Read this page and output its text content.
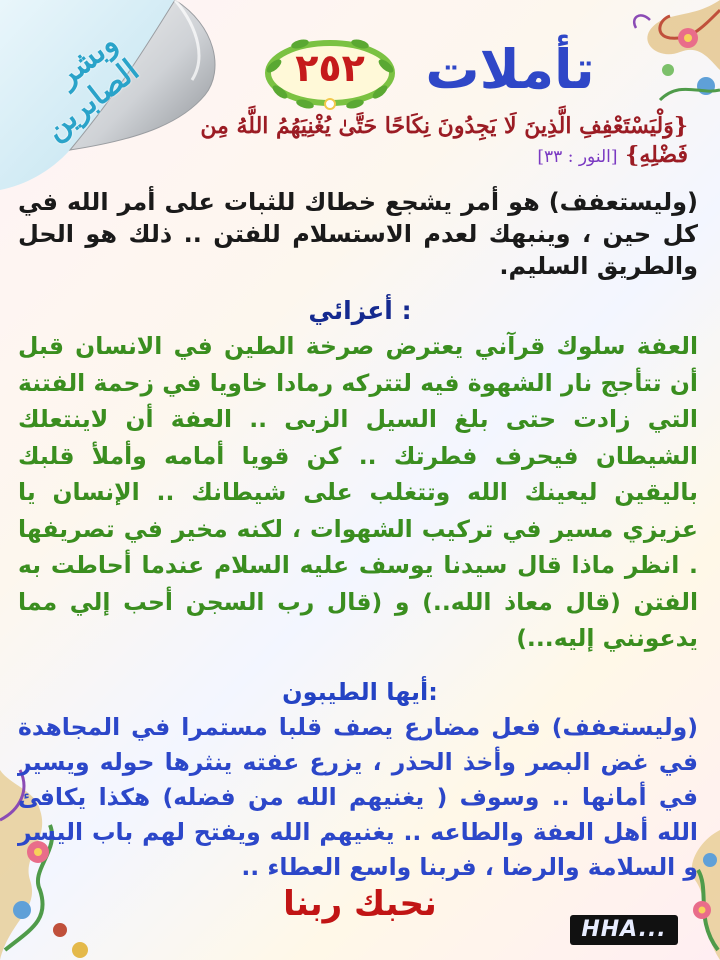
وبشر الصابرين	٢٥٢	تأملات
{وَلْيَسْتَعْفِفِ الَّذِينَ لَا يَجِدُونَ نِكَاحًا حَتَّىٰ يُغْنِيَهُمُ اللَّهُ مِن فَضْلِهِ} [النور : ٣٣]

(وليستعفف) هو أمر يشجع خطاك للثبات على أمر الله في كل حين ، وينبهك لعدم الاستسلام للفتن .. ذلك هو الحل والطريق السليم.

أعزائي :

العفة سلوك قرآني يعترض صرخة الطين في الانسان قبل أن تتأجج نار الشهوة فيه لتتركه رمادا خاويا في زحمة الفتنة التي زادت حتى بلغ السيل الزبى .. العفة أن لاينتعلك الشيطان فيحرف فطرتك .. كن قويا أمامه وأملأ قلبك باليقين ليعينك الله وتتغلب على شيطانك .. الإنسان يا عزيزي مسير في تركيب الشهوات ، لكنه مخير في تصريفها . انظر ماذا قال سيدنا يوسف عليه السلام عندما أحاطت به الفتن (قال معاذ الله..) و (قال رب السجن أحب إلي مما يدعونني إليه...)

أيها الطيبون:

(وليستعفف) فعل مضارع يصف قلبا مستمرا في المجاهدة في غض البصر وأخذ الحذر ، يزرع عفته ينثرها حوله ويسير في أمانها .. وسوف ( يغنيهم الله من فضله) هكذا يكافئ الله أهل العفة والطاعه .. يغنيهم الله ويفتح لهم باب اليسر و السلامة والرضا ، فربنا واسع العطاء ..

نحبك ربنا
HHA...
